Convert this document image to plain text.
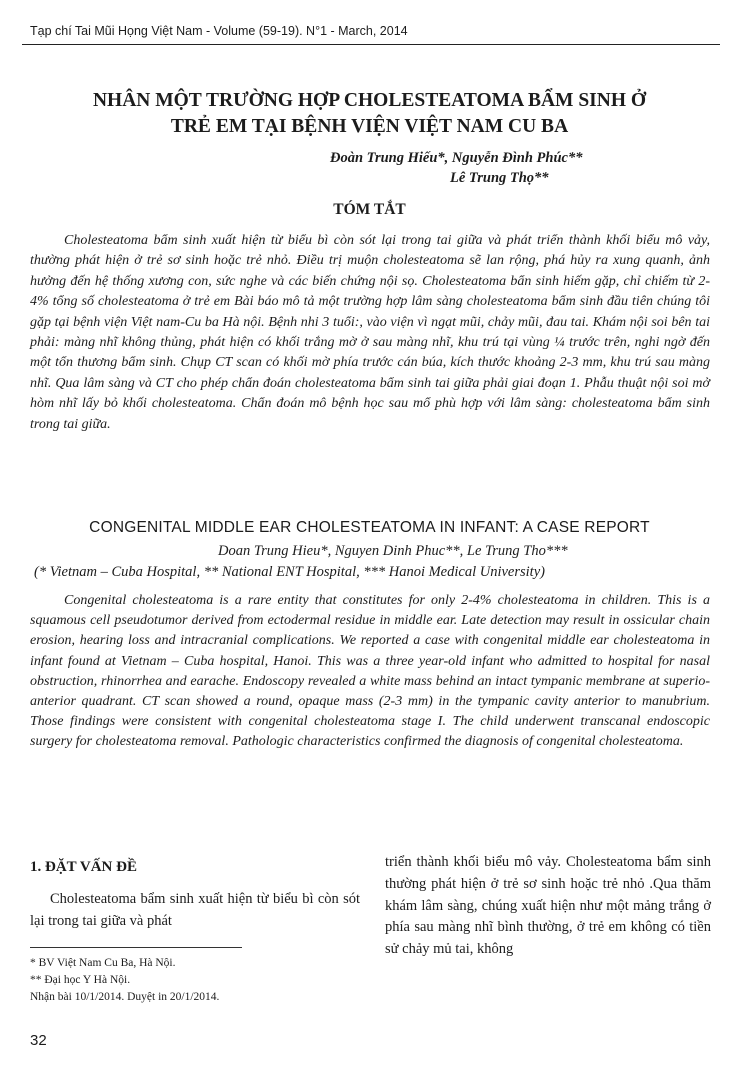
Tạp chí Tai Mũi Họng Việt Nam - Volume (59-19). N°1 - March, 2014
NHÂN MỘT TRƯỜNG HỢP CHOLESTEATOMA BẨM SINH Ở
TRẺ EM TẠI BỆNH VIỆN VIỆT NAM CU BA
Đoàn Trung Hiếu*, Nguyễn Đình Phúc**
Lê Trung Thọ**
TÓM TẮT

Cholesteatoma bẩm sinh xuất hiện từ biểu bì còn sót lại trong tai giữa và phát triển thành khối biểu mô vảy, thường phát hiện ở trẻ sơ sinh hoặc trẻ nhỏ. Điều trị muộn cholesteatoma sẽ lan rộng, phá hủy ra xung quanh, ảnh hưởng đến hệ thống xương con, sức nghe và các biến chứng nội sọ. Cholesteatoma bẩn sinh hiếm gặp, chỉ chiếm từ 2-4% tổng số cholesteatoma ở trẻ em Bài báo mô tả một trường hợp lâm sàng cholesteatoma bẩm sinh đầu tiên chúng tôi gặp tại bệnh viện Việt nam-Cu ba Hà nội. Bệnh nhi 3 tuổi:, vào viện vì ngạt mũi, chảy mũi, đau tai. Khám nội soi bên tai phải: màng nhĩ không thủng, phát hiện có khối trắng mờ ở sau màng nhĩ, khu trú tại vùng ¼ trước trên, nghi ngờ đến một tổn thương bẩm sinh. Chụp CT scan có khối mờ phía trước cán búa, kích thước khoảng 2-3 mm, khu trú sau màng nhĩ. Qua lâm sàng và CT cho phép chẩn đoán cholesteatoma bẩm sinh tai giữa phải giai đoạn 1. Phẫu thuật nội soi mở hòm nhĩ lấy bỏ khối cholesteatoma. Chẩn đoán mô bệnh học sau mổ phù hợp với lâm sàng: cholesteatoma bẩm sinh trong tai giữa.

CONGENITAL MIDDLE EAR CHOLESTEATOMA IN INFANT: A CASE REPORT
Doan Trung Hieu*, Nguyen Dinh Phuc**, Le Trung Tho***
(* Vietnam – Cuba Hospital, ** National ENT Hospital, *** Hanoi Medical University)

Congenital cholesteatoma is a rare entity that constitutes for only 2-4% cholesteatoma in children. This is a squamous cell pseudotumor derived from ectodermal residue in middle ear. Late detection may result in ossicular chain erosion, hearing loss and intracranial complications. We reported a case with congenital middle ear cholesteatoma in infant found at Vietnam – Cuba hospital, Hanoi. This was a three year-old infant who admitted to hospital for nasal obstruction, rhinorrhea and earache. Endoscopy revealed a white mass behind an intact tympanic membrane at superio-anterior quadrant. CT scan showed a round, opaque mass (2-3 mm) in the tympanic cavity anterior to manubrium. Those findings were consistent with congenital cholesteatoma stage I. The child underwent transcanal endoscopic surgery for cholesteatoma removal. Pathologic characteristics confirmed the diagnosis of congenital cholesteatoma.

1. ĐẶT VẤN ĐỀ

Cholesteatoma bẩm sinh xuất hiện từ biểu bì còn sót lại trong tai giữa và phát

* BV Việt Nam Cu Ba, Hà Nội.
** Đại học Y Hà Nội.
Nhận bài 10/1/2014. Duyệt in 20/1/2014.

triển thành khối biểu mô vảy. Cholesteatoma bẩm sinh thường phát hiện ở trẻ sơ sinh hoặc trẻ nhỏ .Qua thăm khám lâm sàng, chúng xuất hiện như một mảng trắng ở phía sau màng nhĩ bình thường, ở trẻ em không có tiền sử chảy mủ tai, không

32
